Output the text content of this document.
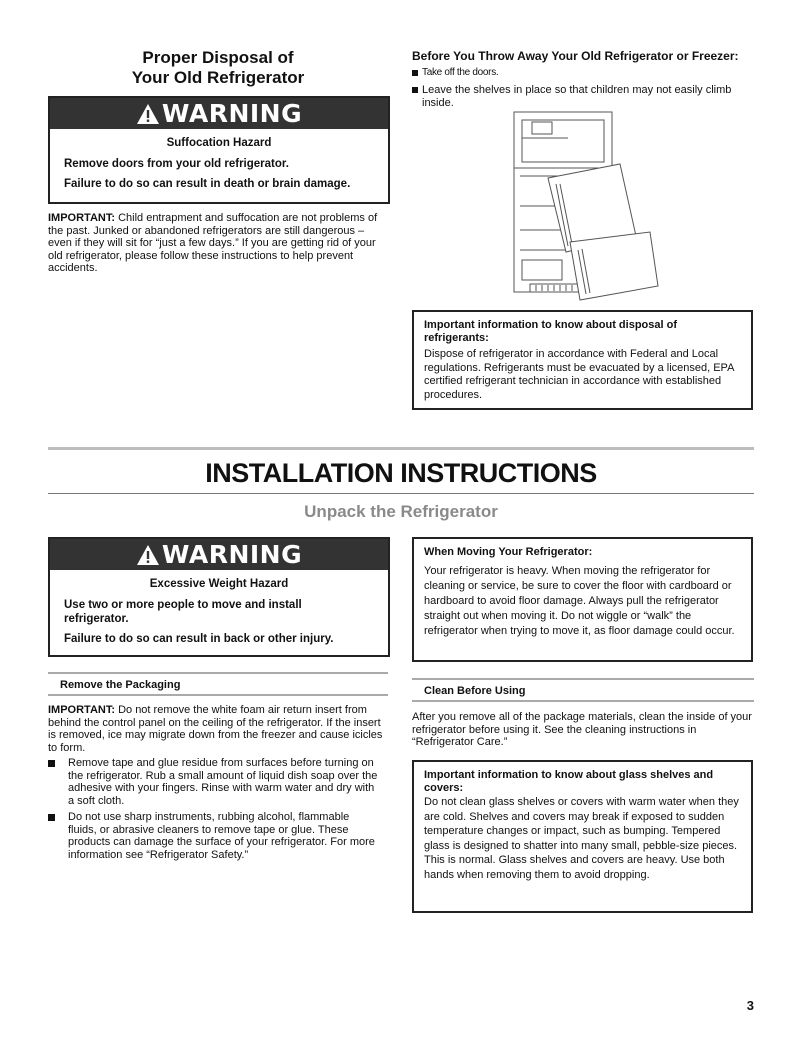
Proper Disposal of
Your Old Refrigerator
WARNING
Suffocation Hazard
Remove doors from your old refrigerator.
Failure to do so can result in death or brain damage.
IMPORTANT: Child entrapment and suffocation are not problems of the past. Junked or abandoned refrigerators are still dangerous – even if they will sit for “just a few days.” If you are getting rid of your old refrigerator, please follow these instructions to help prevent accidents.
Before You Throw Away Your Old Refrigerator or Freezer:
Take off the doors.
Leave the shelves in place so that children may not easily climb inside.
Important information to know about disposal of refrigerants:
Dispose of refrigerator in accordance with Federal and Local regulations. Refrigerants must be evacuated by a licensed, EPA certified refrigerant technician in accordance with established procedures.
INSTALLATION INSTRUCTIONS
Unpack the Refrigerator
WARNING
Excessive Weight Hazard
Use two or more people to move and install refrigerator.
Failure to do so can result in back or other injury.
When Moving Your Refrigerator:
Your refrigerator is heavy. When moving the refrigerator for cleaning or service, be sure to cover the floor with cardboard or hardboard to avoid floor damage. Always pull the refrigerator straight out when moving it. Do not wiggle or “walk” the refrigerator when trying to move it, as floor damage could occur.
Remove the Packaging
IMPORTANT: Do not remove the white foam air return insert from behind the control panel on the ceiling of the refrigerator. If the insert is removed, ice may migrate down from the freezer and cause icicles to form.
Remove tape and glue residue from surfaces before turning on the refrigerator. Rub a small amount of liquid dish soap over the adhesive with your fingers. Rinse with warm water and dry with a soft cloth.
Do not use sharp instruments, rubbing alcohol, flammable fluids, or abrasive cleaners to remove tape or glue. These products can damage the surface of your refrigerator. For more information see “Refrigerator Safety.”
Clean Before Using
After you remove all of the package materials, clean the inside of your refrigerator before using it. See the cleaning instructions in “Refrigerator Care.”
Important information to know about glass shelves and covers:
Do not clean glass shelves or covers with warm water when they are cold. Shelves and covers may break if exposed to sudden temperature changes or impact, such as bumping. Tempered glass is designed to shatter into many small, pebble-size pieces. This is normal. Glass shelves and covers are heavy. Use both hands when removing them to avoid dropping.
3
